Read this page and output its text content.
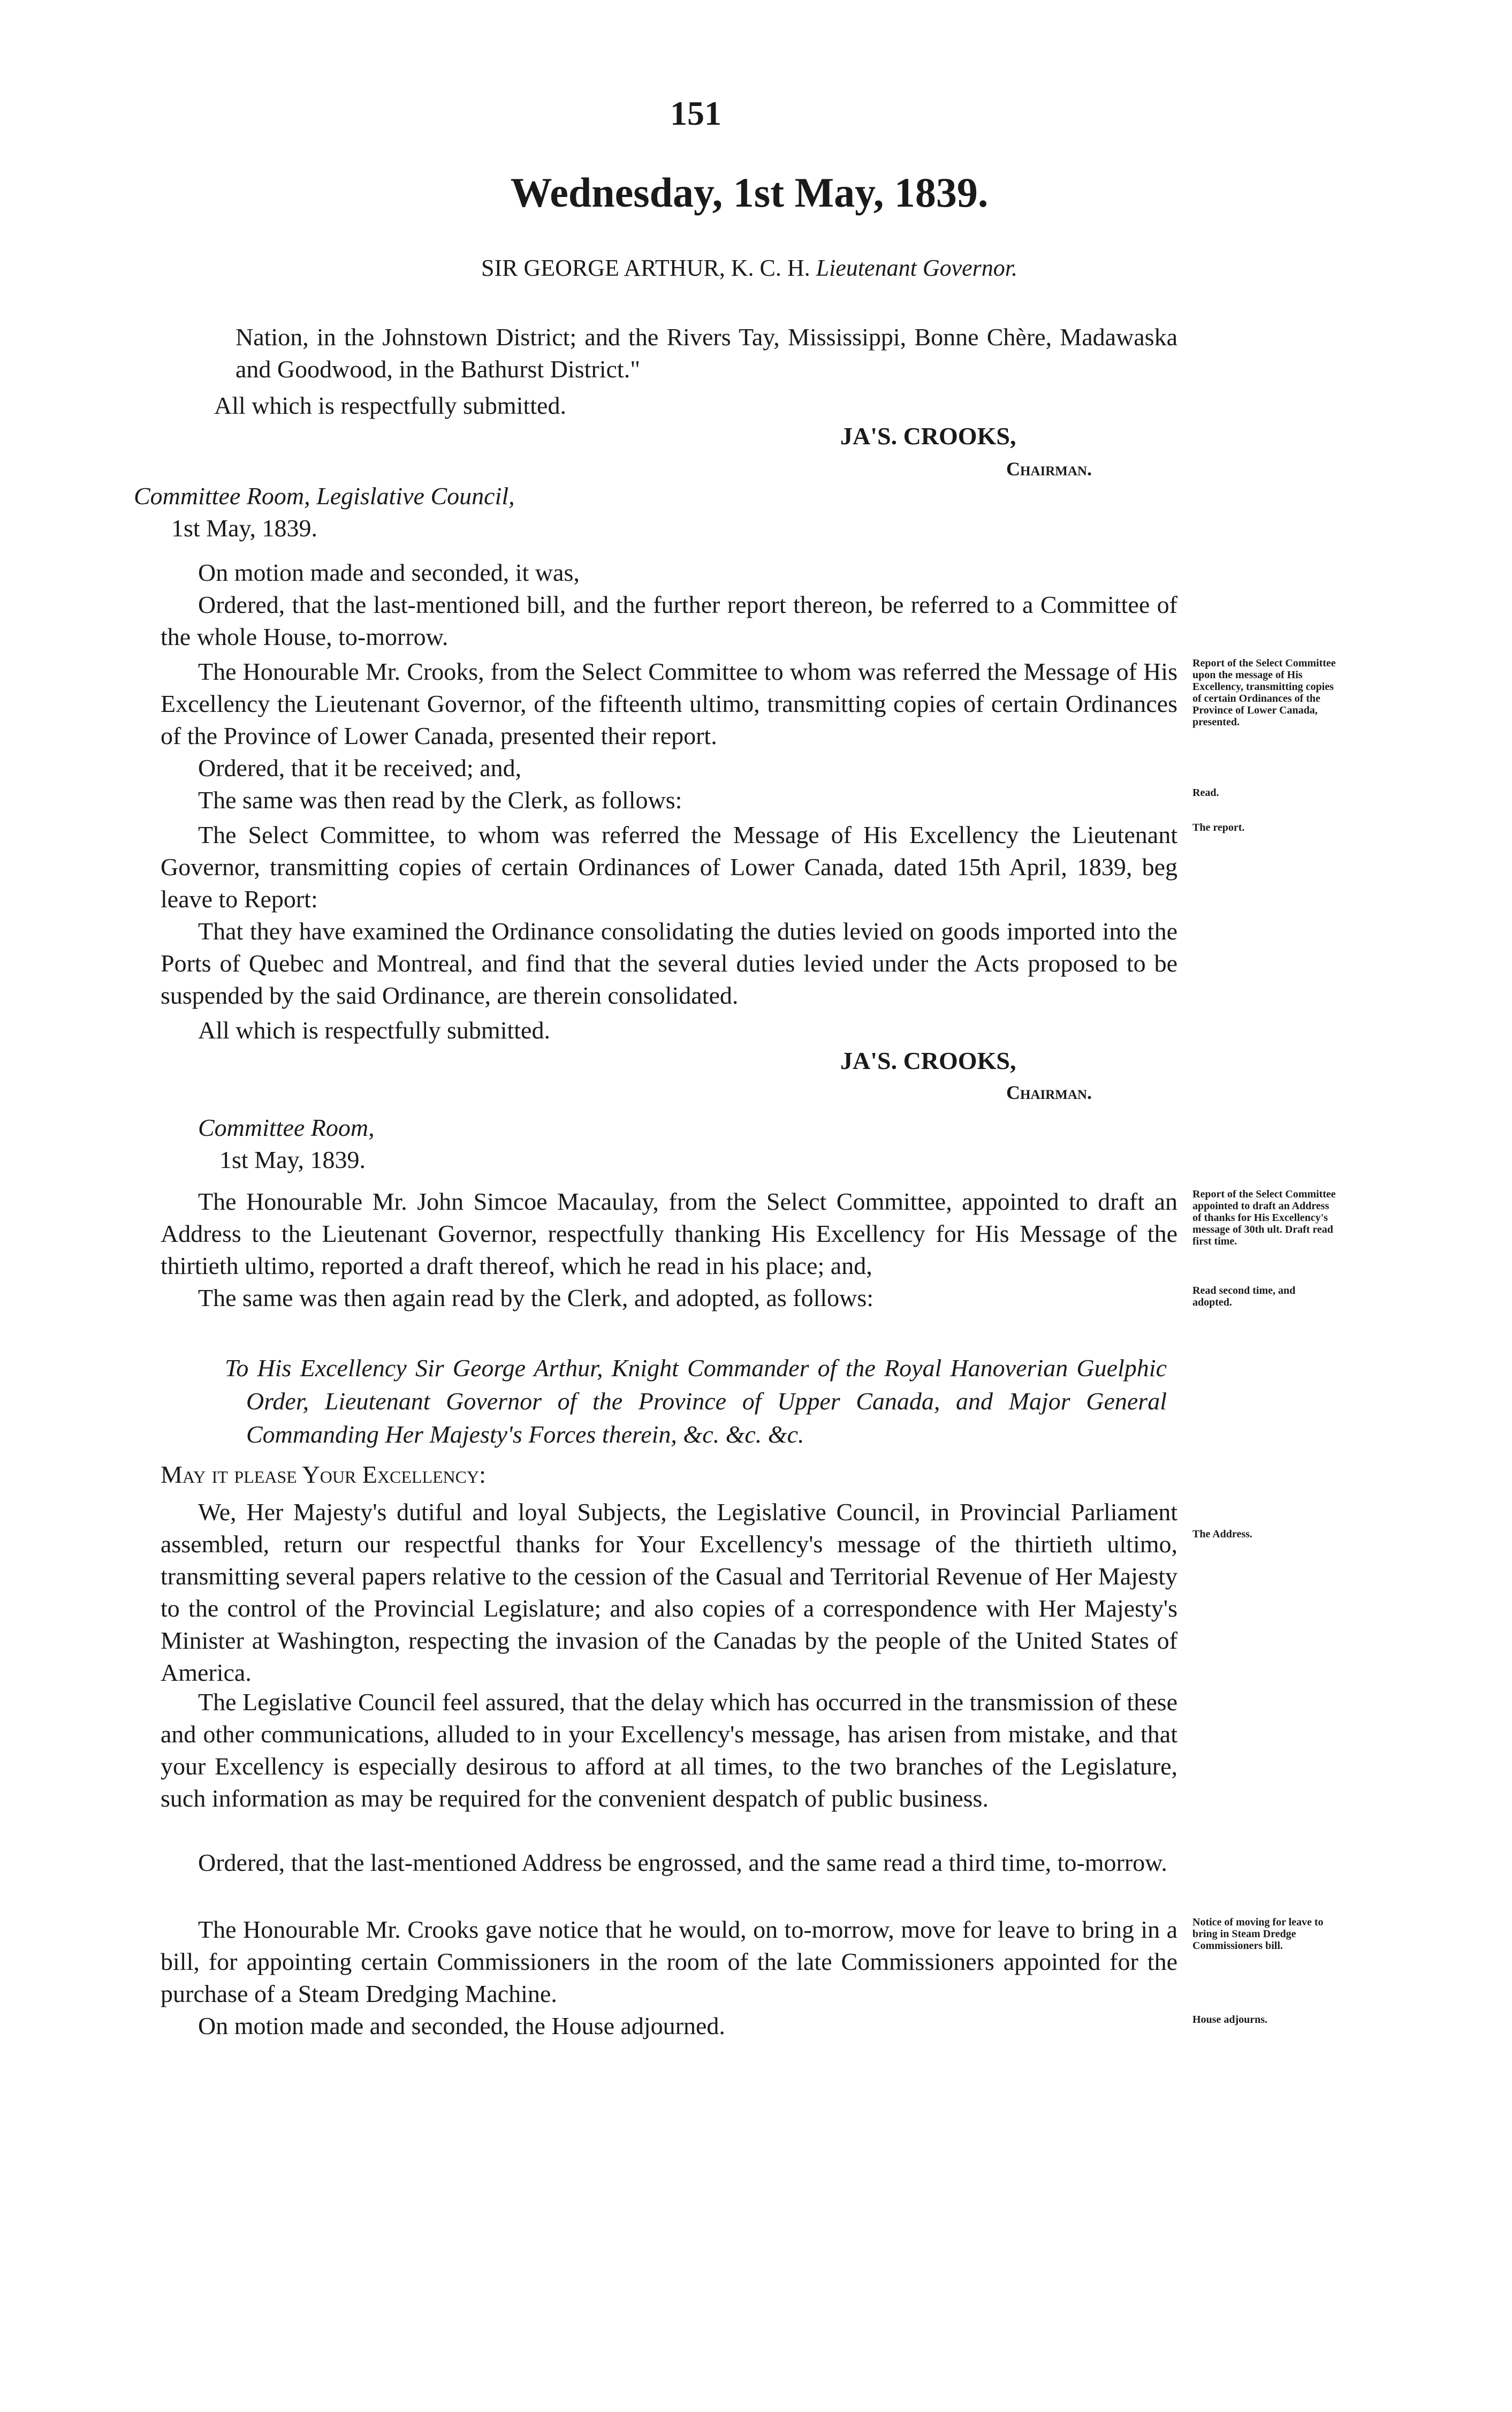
151
Wednesday, 1st May, 1839.
SIR GEORGE ARTHUR, K. C. H. Lieutenant Governor.

Nation, in the Johnstown District; and the Rivers Tay, Mississippi, Bonne Chère, Madawaska and Goodwood, in the Bathurst District."

All which is respectfully submitted.

JA'S. CROOKS,
Chairman.
Committee Room, Legislative Council,
1st May, 1839.

On motion made and seconded, it was,

Ordered, that the last-mentioned bill, and the further report thereon, be referred to a Committee of the whole House, to-morrow.

The Honourable Mr. Crooks, from the Select Committee to whom was referred the Message of His Excellency the Lieutenant Governor, of the fifteenth ultimo, transmitting copies of certain Ordinances of the Province of Lower Canada, presented their report.

Ordered, that it be received; and,

The same was then read by the Clerk, as follows:

The Select Committee, to whom was referred the Message of His Excellency the Lieutenant Governor, transmitting copies of certain Ordinances of Lower Canada, dated 15th April, 1839, beg leave to Report:

That they have examined the Ordinance consolidating the duties levied on goods imported into the Ports of Quebec and Montreal, and find that the several duties levied under the Acts proposed to be suspended by the said Ordinance, are therein consolidated.

All which is respectfully submitted.

JA'S. CROOKS,
Chairman.
Committee Room,
1st May, 1839.

The Honourable Mr. John Simcoe Macaulay, from the Select Committee, appointed to draft an Address to the Lieutenant Governor, respectfully thanking His Excellency for His Message of the thirtieth ultimo, reported a draft thereof, which he read in his place; and,

The same was then again read by the Clerk, and adopted, as follows:

To His Excellency Sir George Arthur, Knight Commander of the Royal Hanoverian Guelphic Order, Lieutenant Governor of the Province of Upper Canada, and Major General Commanding Her Majesty's Forces therein, &c. &c. &c.

May it please Your Excellency:

We, Her Majesty's dutiful and loyal Subjects, the Legislative Council, in Provincial Parliament assembled, return our respectful thanks for Your Excellency's message of the thirtieth ultimo, transmitting several papers relative to the cession of the Casual and Territorial Revenue of Her Majesty to the control of the Provincial Legislature; and also copies of a correspondence with Her Majesty's Minister at Washington, respecting the invasion of the Canadas by the people of the United States of America.

The Legislative Council feel assured, that the delay which has occurred in the transmission of these and other communications, alluded to in your Excellency's message, has arisen from mistake, and that your Excellency is especially desirous to afford at all times, to the two branches of the Legislature, such information as may be required for the convenient despatch of public business.

Ordered, that the last-mentioned Address be engrossed, and the same read a third time, to-morrow.

The Honourable Mr. Crooks gave notice that he would, on to-morrow, move for leave to bring in a bill, for appointing certain Commissioners in the room of the late Commissioners appointed for the purchase of a Steam Dredging Machine.

On motion made and seconded, the House adjourned.

Report of the Select Committee upon the message of His Excellency, transmitting copies of certain Ordinances of the Province of Lower Canada, presented.
Read.
The report.
Report of the Select Committee appointed to draft an Address of thanks for His Excellency's message of 30th ult. Draft read first time.
Read second time, and adopted.
The Address.
Notice of moving for leave to bring in Steam Dredge Commissioners bill.
House adjourns.
